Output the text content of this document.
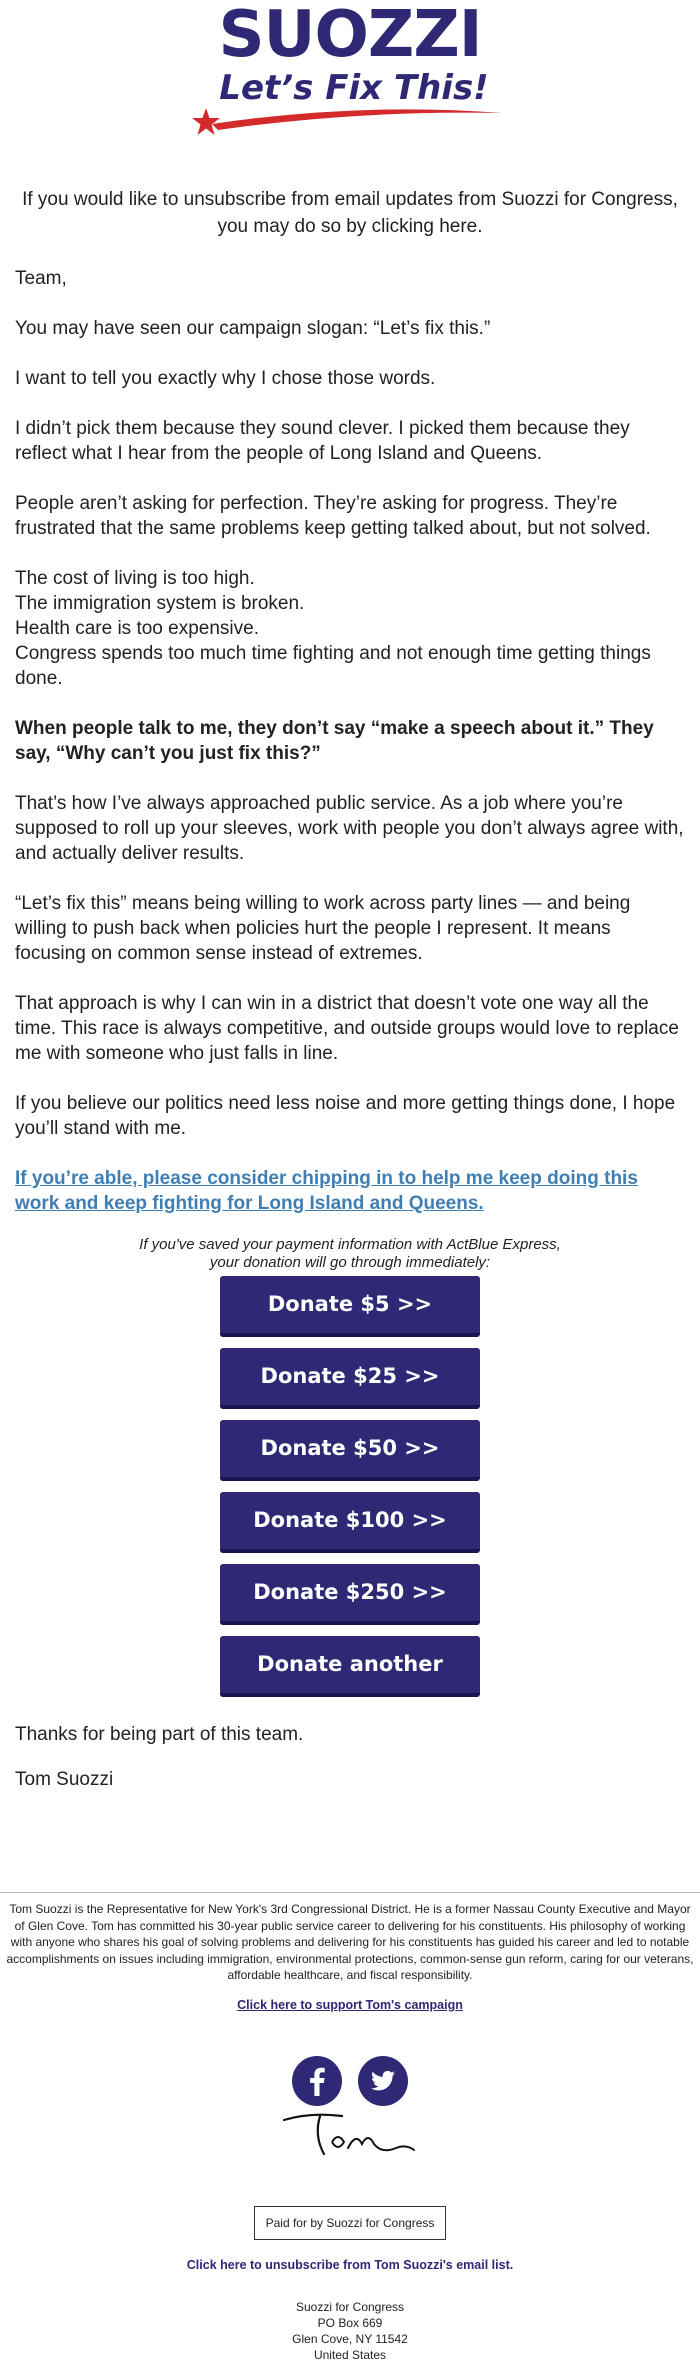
SUOZZI
Let’s Fix This!
If you would like to unsubscribe from email updates from Suozzi for Congress, you may do so by clicking here.

Team,

You may have seen our campaign slogan: “Let’s fix this.”

I want to tell you exactly why I chose those words.

I didn’t pick them because they sound clever. I picked them because they reflect what I hear from the people of Long Island and Queens.

People aren’t asking for perfection. They’re asking for progress. They’re frustrated that the same problems keep getting talked about, but not solved.

The cost of living is too high.
The immigration system is broken.
Health care is too expensive.
Congress spends too much time fighting and not enough time getting things done.

When people talk to me, they don’t say “make a speech about it.” They say, “Why can’t you just fix this?”

That’s how I’ve always approached public service. As a job where you’re supposed to roll up your sleeves, work with people you don’t always agree with, and actually deliver results.

“Let’s fix this” means being willing to work across party lines — and being willing to push back when policies hurt the people I represent. It means focusing on common sense instead of extremes.

That approach is why I can win in a district that doesn’t vote one way all the time. This race is always competitive, and outside groups would love to replace me with someone who just falls in line.

If you believe our politics need less noise and more getting things done, I hope you’ll stand with me.

If you’re able, please consider chipping in to help me keep doing this work and keep fighting for Long Island and Queens.

If you've saved your payment information with ActBlue Express,
your donation will go through immediately:
Donate $5 >>
Donate $25 >>
Donate $50 >>
Donate $100 >>
Donate $250 >>
Donate another amount

Thanks for being part of this team.

Tom Suozzi

Tom Suozzi is the Representative for New York's 3rd Congressional District. He is a former Nassau County Executive and Mayor of Glen Cove. Tom has committed his 30-year public service career to delivering for his constituents. His philosophy of working with anyone who shares his goal of solving problems and delivering for his constituents has guided his career and led to notable accomplishments on issues including immigration, environmental protections, common-sense gun reform, caring for our veterans, affordable healthcare, and fiscal responsibility.
Click here to support Tom's campaign

Paid for by Suozzi for Congress
Click here to unsubscribe from Tom Suozzi's email list.
Suozzi for Congress
PO Box 669
Glen Cove, NY 11542
United States
